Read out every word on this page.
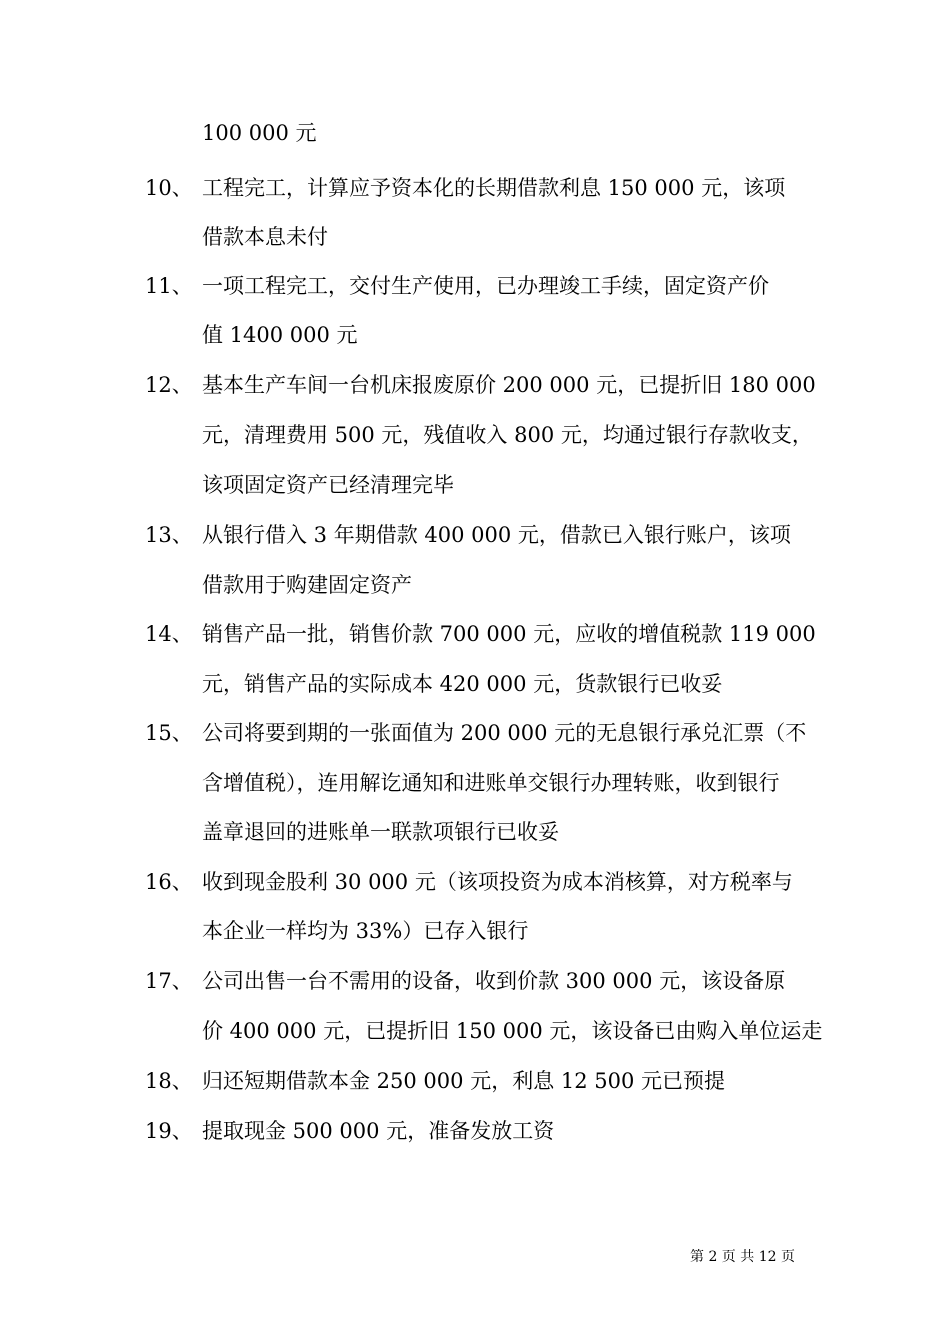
100 000 元
10、 工程完工，计算应予资本化的长期借款利息 150 000 元，该项
借款本息未付
11、 一项工程完工，交付生产使用，已办理竣工手续，固定资产价
值 1400 000 元
12、 基本生产车间一台机床报废原价 200 000 元，已提折旧 180 000
元，清理费用 500 元，残值收入 800 元，均通过银行存款收支，
该项固定资产已经清理完毕
13、 从银行借入 3 年期借款 400 000 元，借款已入银行账户，该项
借款用于购建固定资产
14、 销售产品一批，销售价款 700 000 元，应收的增值税款 119 000
元，销售产品的实际成本 420 000 元，货款银行已收妥
15、 公司将要到期的一张面值为 200 000 元的无息银行承兑汇票（不
含增值税），连用解讫通知和进账单交银行办理转账，收到银行
盖章退回的进账单一联款项银行已收妥
16、 收到现金股利 30 000 元（该项投资为成本消核算，对方税率与
本企业一样均为 33%）已存入银行
17、 公司出售一台不需用的设备，收到价款 300 000 元，该设备原
价 400 000 元，已提折旧 150 000 元，该设备已由购入单位运走
18、 归还短期借款本金 250 000 元，利息 12 500 元已预提
19、 提取现金 500 000 元，准备发放工资
第 2 页 共 12 页
